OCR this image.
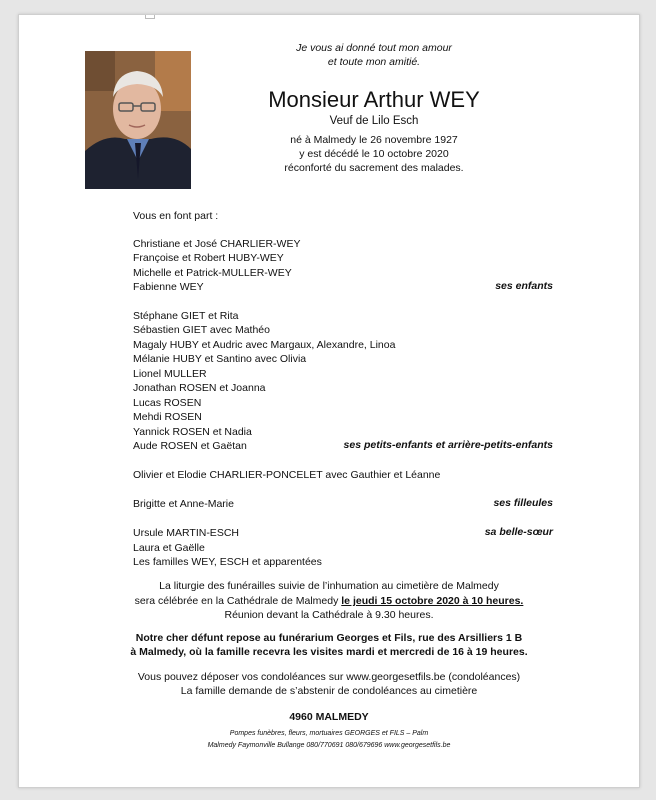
Je vous ai donné tout mon amour
et toute mon amitié.
Monsieur Arthur WEY
Veuf de Lilo Esch
né à Malmedy le 26 novembre 1927
y est décédé le 10 octobre 2020
réconforté du sacrement des malades.
Vous en font part :
Christiane et José CHARLIER-WEY
Françoise et Robert HUBY-WEY
Michelle et Patrick-MULLER-WEY
Fabienne WEY	ses enfants
Stéphane GIET et Rita
Sébastien GIET avec Mathéo
Magaly HUBY et Audric avec Margaux, Alexandre, Linoa
Mélanie HUBY et Santino avec Olivia
Lionel MULLER
Jonathan ROSEN et Joanna
Lucas ROSEN
Mehdi ROSEN
Yannick ROSEN et Nadia
Aude ROSEN et Gaëtan	ses petits-enfants et arrière-petits-enfants
Olivier et Elodie CHARLIER-PONCELET avec Gauthier et Léanne
Brigitte et Anne-Marie	ses filleules
Ursule MARTIN-ESCH	sa belle-sœur
Laura et Gaëlle
Les familles WEY, ESCH et apparentées
La liturgie des funérailles suivie de l’inhumation au cimetière de Malmedy
sera célébrée en la Cathédrale de Malmedy le jeudi 15 octobre 2020 à 10 heures.
Réunion devant la Cathédrale à 9.30 heures.
Notre cher défunt repose au funérarium Georges et Fils, rue des Arsilliers 1 B
à Malmedy, où la famille recevra les visites mardi et mercredi de 16 à 19 heures.
Vous pouvez déposer vos condoléances sur www.georgesetfils.be (condoléances)
La famille demande de s’abstenir de condoléances au cimetière
4960 MALMEDY
Pompes funèbres, fleurs, mortuaires GEORGES et FILS – Palm
Malmedy Faymonville Bullange 080/770691 080/679696 www.georgesetfils.be
